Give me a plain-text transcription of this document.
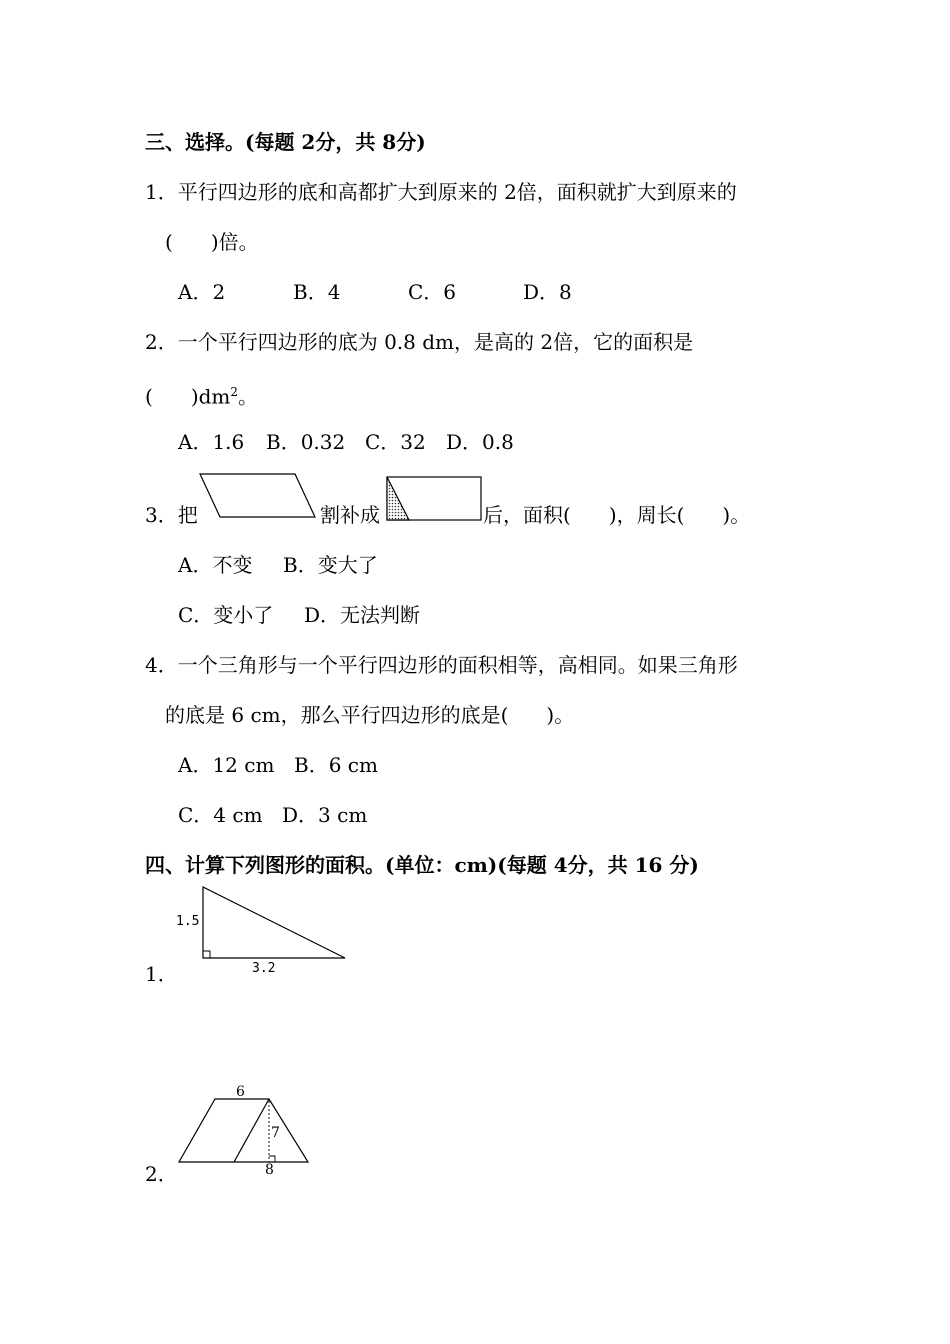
三、选择。(每题 2分，共 8分)
1．平行四边形的底和高都扩大到原来的 2倍，面积就扩大到原来的
( )倍。
A．2	B．4	C．6	D．8
2．一个平行四边形的底为 0.8 dm，是高的 2倍，它的面积是
( )$dm^2$。
A．1.6 B．0.32 C．32 D．0.8
3．把	割补成	后，面积( )，周长( )。
A．不变 B．变大了
C．变小了 D．无法判断
4．一个三角形与一个平行四边形的面积相等，高相同。如果三角形
的底是 6 cm，那么平行四边形的底是( )。
A．12 cm B．6 cm
C．4 cm D．3 cm
四、计算下列图形的面积。(单位：cm)(每题 4分，共 16 分)
1．
1.5
3.2
2．
6
7
8
